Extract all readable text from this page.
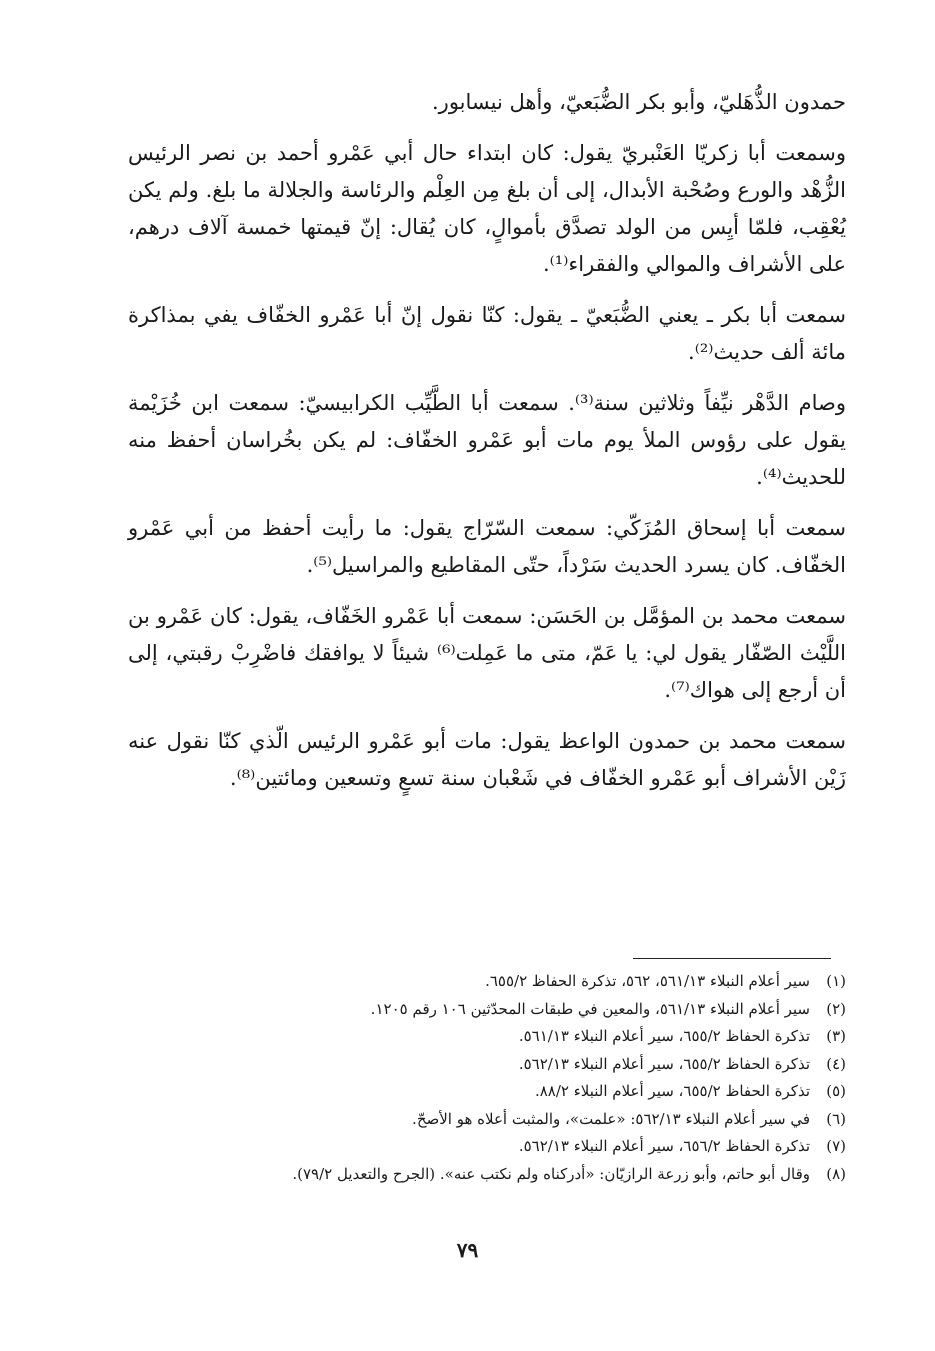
حمدون الذُّهَليّ، وأبو بكر الضُّبَعيّ، وأهل نيسابور.

وسمعت أبا زكريّا العَنْبريّ يقول: كان ابتداء حال أبي عَمْرو أحمد بن نصر الرئيس الزُّهْد والورع وصُحْبة الأبدال، إلى أن بلغ مِن العِلْم والرئاسة والجلالة ما بلغ. ولم يكن يُعْقِب، فلمّا أيِس من الولد تصدَّق بأموالٍ، كان يُقال: إنّ قيمتها خمسة آلاف درهم، على الأشراف والموالي والفقراء⁽¹⁾.

سمعت أبا بكر ـ يعني الضُّبَعيّ ـ يقول: كنّا نقول إنّ أبا عَمْرو الخفّاف يفي بمذاكرة مائة ألف حديث⁽²⁾.

وصام الدَّهْر نيِّفاً وثلاثين سنة⁽³⁾. سمعت أبا الطَّيِّب الكرابيسيّ: سمعت ابن خُزَيْمة يقول على رؤوس الملأ يوم مات أبو عَمْرو الخفّاف: لم يكن بخُراسان أحفظ منه للحديث⁽⁴⁾.

سمعت أبا إسحاق المُزَكّي: سمعت السّرّاج يقول: ما رأيت أحفظ من أبي عَمْرو الخفّاف. كان يسرد الحديث سَرْداً، حتّى المقاطيع والمراسيل⁽⁵⁾.

سمعت محمد بن المؤمَّل بن الحَسَن: سمعت أبا عَمْرو الخَفّاف، يقول: كان عَمْرو بن اللَّيْث الصّفّار يقول لي: يا عَمّ، متى ما عَمِلت⁽⁶⁾ شيئاً لا يوافقك فاضْرِبْ رقبتي، إلى أن أرجع إلى هواك⁽⁷⁾.

سمعت محمد بن حمدون الواعظ يقول: مات أبو عَمْرو الرئيس الّذي كنّا نقول عنه زَيْن الأشراف أبو عَمْرو الخفّاف في شَعْبان سنة تسعٍ وتسعين ومائتين⁽⁸⁾.

(١)
سير أعلام النبلاء ٥٦١/١٣، ٥٦٢، تذكرة الحفاظ ٦٥٥/٢.
(٢)
سير أعلام النبلاء ٥٦١/١٣، والمعين في طبقات المحدّثين ١٠٦ رقم ١٢٠٥.
(٣)
تذكرة الحفاظ ٦٥٥/٢، سير أعلام النبلاء ٥٦١/١٣.
(٤)
تذكرة الحفاظ ٦٥٥/٢، سير أعلام النبلاء ٥٦٢/١٣.
(٥)
تذكرة الحفاظ ٦٥٥/٢، سير أعلام النبلاء ٨٨/٢.
(٦)
في سير أعلام النبلاء ٥٦٢/١٣: «علمت»، والمثبت أعلاه هو الأصحّ.
(٧)
تذكرة الحفاظ ٦٥٦/٢، سير أعلام النبلاء ٥٦٢/١٣.
(٨)
وقال أبو حاتم، وأبو زرعة الرازيّان: «أدركناه ولم نكتب عنه». (الجرح والتعديل ٧٩/٢).
٧٩
